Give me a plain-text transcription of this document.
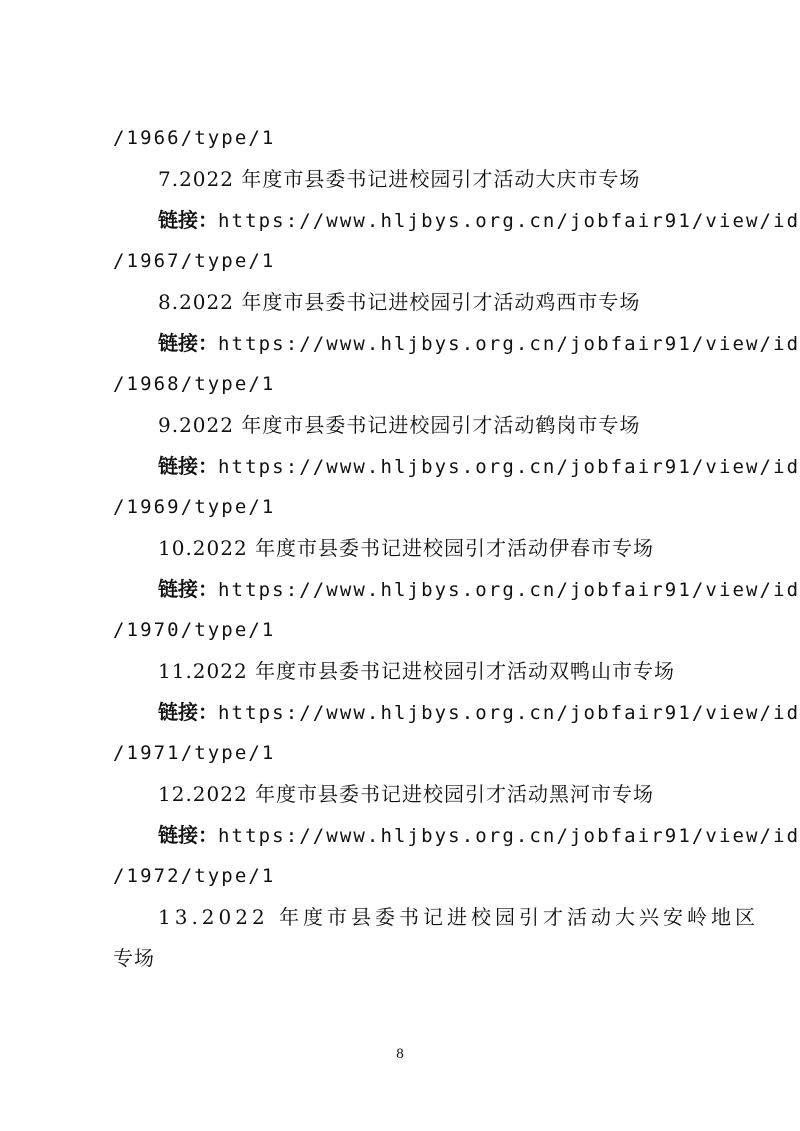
/1966/type/1
7.2022 年度市县委书记进校园引才活动大庆市专场
链接：https://www.hljbys.org.cn/jobfair91/view/id
/1967/type/1
8.2022 年度市县委书记进校园引才活动鸡西市专场
链接：https://www.hljbys.org.cn/jobfair91/view/id
/1968/type/1
9.2022 年度市县委书记进校园引才活动鹤岗市专场
链接：https://www.hljbys.org.cn/jobfair91/view/id
/1969/type/1
10.2022 年度市县委书记进校园引才活动伊春市专场
链接：https://www.hljbys.org.cn/jobfair91/view/id
/1970/type/1
11.2022 年度市县委书记进校园引才活动双鸭山市专场
链接：https://www.hljbys.org.cn/jobfair91/view/id
/1971/type/1
12.2022 年度市县委书记进校园引才活动黑河市专场
链接：https://www.hljbys.org.cn/jobfair91/view/id
/1972/type/1
13.2022 年度市县委书记进校园引才活动大兴安岭地区
专场
8
